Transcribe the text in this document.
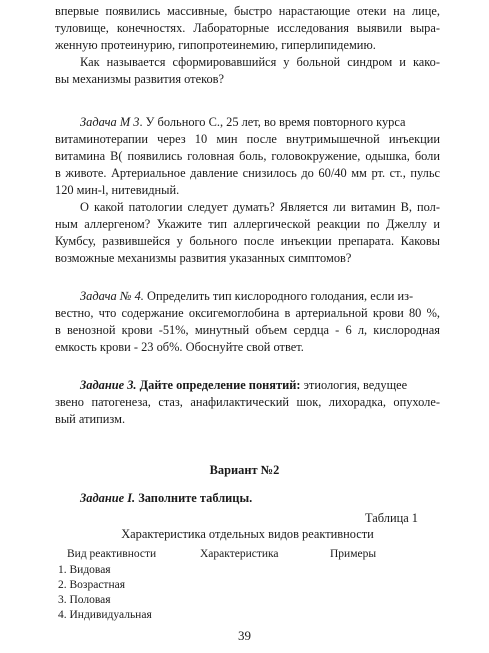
впервые появились массивные, быстро нарастающие отеки на лице,
туловище, конечностях. Лабораторные исследования выявили выра-
женную протеинурию, гипопротеинемию, гиперлипидемию.
Как называется сформировавшийся у больной синдром и како-
вы механизмы развития отеков?
Задача М 3. У больного С., 25 лет, во время повторного курса
витаминотерапии через 10 мин после внутримышечной инъекции
витамина В( появились головная боль, головокружение, одышка, боли
в животе. Артериальное давление снизилось до 60/40 мм рт. ст., пульс
120 мин-l, нитевидный.
О какой патологии следует думать? Является ли витамин В, пол-
ным аллергеном? Укажите тип аллергической реакции по Джеллу и
Кумбсу, развившейся у больного после инъекции препарата. Каковы
возможные механизмы развития указанных симптомов?
Задача № 4. Определить тип кислородного голодания, если из-
вестно, что содержание оксигемоглобина в артериальной крови 80 %,
в венозной крови -51%, минутный объем сердца - 6 л, кислородная
емкость крови - 23 об%. Обоснуйте свой ответ.
Задание 3. Дайте определение понятий: этиология, ведущее
звено патогенеза, стаз, анафилактический шок, лихорадка, опухоле-
вый атипизм.
Вариант №2
Задание I. Заполните таблицы.
Таблица 1
Характеристика отдельных видов реактивности
Вид реактивности	Характеристика	Примеры
1. Видовая
2. Возрастная
3. Половая
4. Индивидуальная
39
